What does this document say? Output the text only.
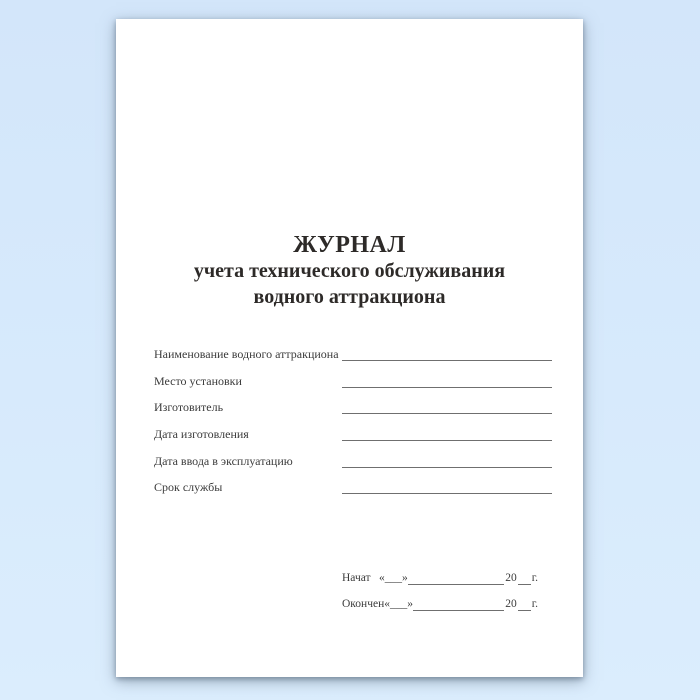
ЖУРНАЛ
учета технического обслуживания
водного аттракциона
Наименование водного аттракциона
Место установки
Изготовитель
Дата изготовления
Дата ввода в эксплуатацию
Срок службы
Начат «___»	20 г.
Окончен «___»	20 г.
